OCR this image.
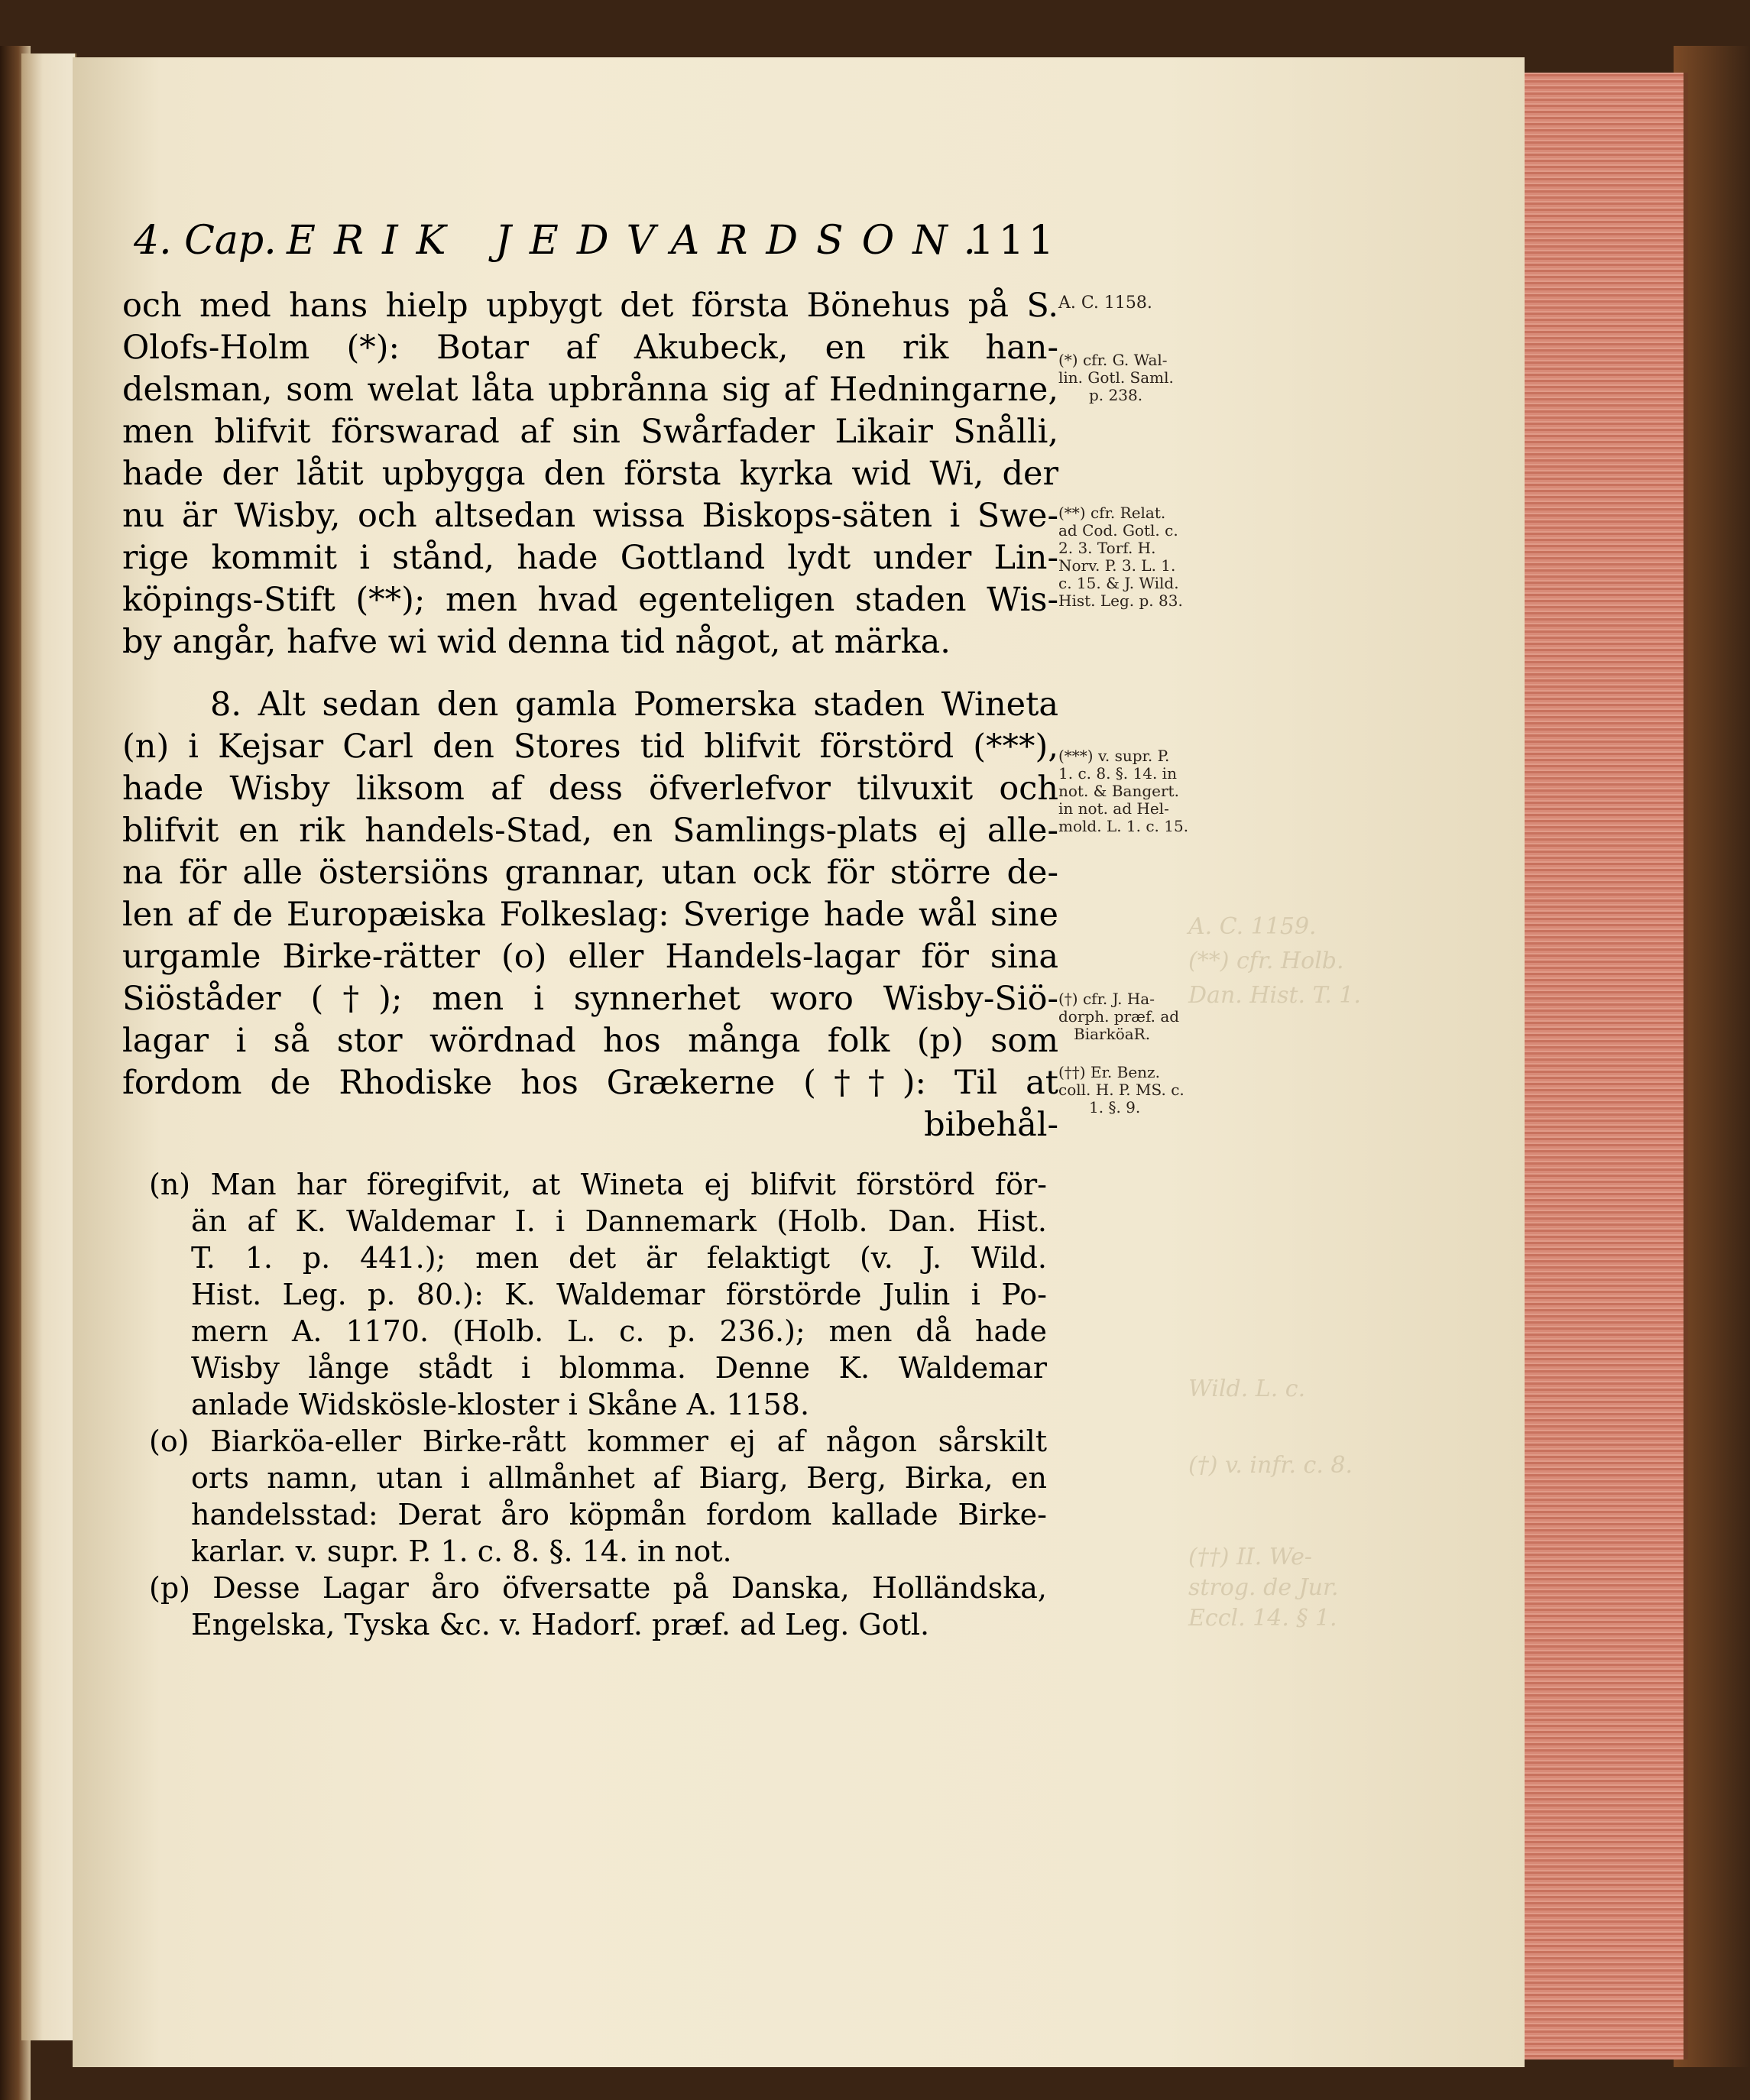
A. C. 1159.
(**) cfr. Holb.
Dan. Hist. T. 1.
Wild. L. c.
(†) v. infr. c. 8.
(††) II. We-
strog. de Jur.
Eccl. 14. § 1.
4. Cap. ERIK JEDVARDSON.
111
och med hans hielp upbygt det första Bönehus på S.
Olofs-Holm (*): Botar af Akubeck, en rik han-
delsman, som welat låta upbrånna sig af Hedningarne,
men blifvit förswarad af sin Swårfader Likair Snålli,
hade der låtit upbygga den första kyrka wid Wi, der
nu är Wisby, och altsedan wissa Biskops-säten i Swe-
rige kommit i stånd, hade Gottland lydt under Lin-
köpings-Stift (**); men hvad egenteligen staden Wis-
by angår, hafve wi wid denna tid något, at märka.
8. Alt sedan den gamla Pomerska staden Wineta
(n) i Kejsar Carl den Stores tid blifvit förstörd (***),
hade Wisby liksom af dess öfverlefvor tilvuxit och
blifvit en rik handels-Stad, en Samlings-plats ej alle-
na för alle östersiöns grannar, utan ock för större de-
len af de Europæiska Folkeslag: Sverige hade wål sine
urgamle Birke-rätter (o) eller Handels-lagar för sina
Siöståder (†); men i synnerhet woro Wisby-Siö-
lagar i så stor wördnad hos många folk (p) som
fordom de Rhodiske hos Grækerne (††): Til at
bibehål-
(n) Man har föregifvit, at Wineta ej blifvit förstörd för-
än af K. Waldemar I. i Dannemark (Holb. Dan. Hist.
T. 1. p. 441.); men det är felaktigt (v. J. Wild.
Hist. Leg. p. 80.): K. Waldemar förstörde Julin i Po-
mern A. 1170. (Holb. L. c. p. 236.); men då hade
Wisby långe stådt i blomma. Denne K. Waldemar
anlade Widskösle-kloster i Skåne A. 1158.
(o) Biarköa-eller Birke-rått kommer ej af någon sårskilt
orts namn, utan i allmånhet af Biarg, Berg, Birka, en
handelsstad: Derat åro köpmån fordom kallade Birke-
karlar. v. supr. P. 1. c. 8. §. 14. in not.
(p) Desse Lagar åro öfversatte på Danska, Holländska,
Engelska, Tyska &c. v. Hadorf. præf. ad Leg. Gotl.
A. C. 1158.
(*) cfr. G. Wal-
lin. Gotl. Saml.
p. 238.
(**) cfr. Relat.
ad Cod. Gotl. c.
2. 3. Torf. H.
Norv. P. 3. L. 1.
c. 15. & J. Wild.
Hist. Leg. p. 83.
(***) v. supr. P.
1. c. 8. §. 14. in
not. & Bangert.
in not. ad Hel-
mold. L. 1. c. 15.
(†) cfr. J. Ha-
dorph. præf. ad
BiarköaR.
(††) Er. Benz.
coll. H. P. MS. c.
1. §. 9.
